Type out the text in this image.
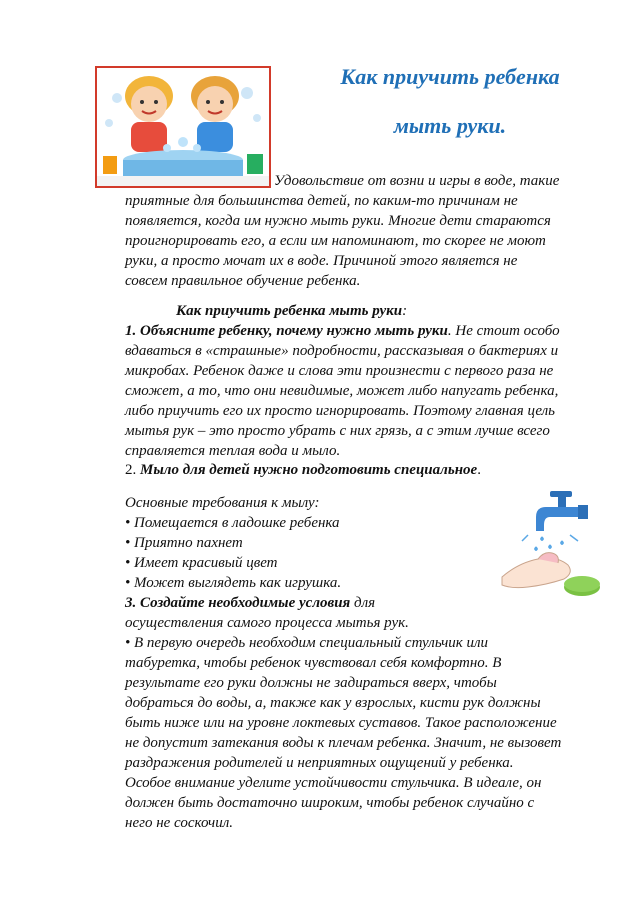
Как приучить ребенка
мыть руки.
Удовольствие от возни и игры в воде, такие
приятные для большинства детей, по каким-то причинам не
появляется, когда им нужно мыть руки. Многие дети стараются
проигнорировать его, а если им напоминают, то скорее не моют
руки, а просто мочат их в воде. Причиной этого является не
совсем правильное обучение ребенка.
Как приучить ребенка мыть руки:
1. Объясните ребенку, почему нужно мыть руки. Не стоит особо
вдаваться в «страшные» подробности, рассказывая о бактериях и
микробах. Ребенок даже и слова эти произнести с первого раза не
сможет, а то, что они невидимые, может либо напугать ребенка,
либо приучить его их просто игнорировать. Поэтому главная цель
мытья рук – это просто убрать с них грязь, а с этим лучше всего
справляется теплая вода и мыло.
2. Мыло для детей нужно подготовить специальное.
Основные требования к мылу:
• Помещается в ладошке ребенка
• Приятно пахнет
• Имеет красивый цвет
• Может выглядеть как игрушка.
3. Создайте необходимые условия для
осуществления самого процесса мытья рук.
• В первую очередь необходим специальный стульчик или
табуретка, чтобы ребенок чувствовал себя комфортно. В
результате его руки должны не задираться вверх, чтобы
добраться до воды, а, также как у взрослых, кисти рук должны
быть ниже или на уровне локтевых суставов. Такое расположение
не допустит затекания воды к плечам ребенка. Значит, не вызовет
раздражения родителей и неприятных ощущений у ребенка.
Особое внимание уделите устойчивости стульчика. В идеале, он
должен быть достаточно широким, чтобы ребенок случайно с
него не соскочил.
